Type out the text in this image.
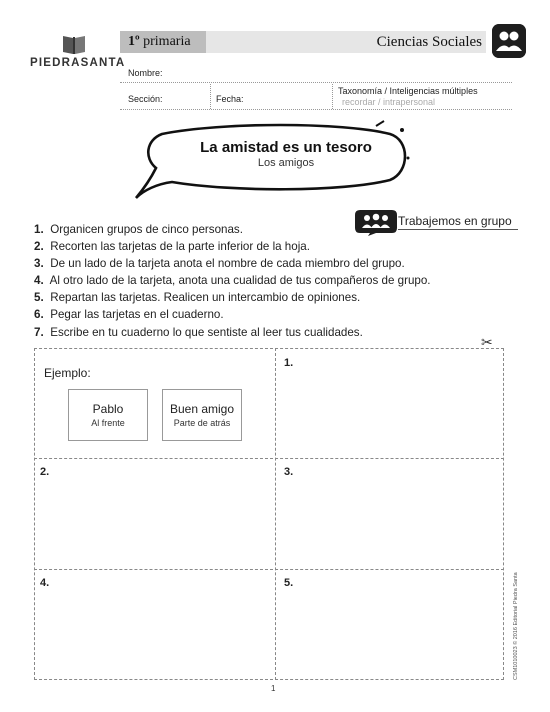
PIEDRASANTA
1º primaria	Ciencias Sociales
Nombre:
Sección:	Fecha:
Taxonomía / Inteligencias múltiples
recordar / intrapersonal
La amistad es un tesoro
Los amigos
Trabajemos en grupo
1. Organicen grupos de cinco personas.
2. Recorten las tarjetas de la parte inferior de la hoja.
3. De un lado de la tarjeta anota el nombre de cada miembro del grupo.
4. Al otro lado de la tarjeta, anota una cualidad de tus compañeros de grupo.
5. Repartan las tarjetas. Realicen un intercambio de opiniones.
6. Pegar las tarjetas en el cuaderno.
7. Escribe en tu cuaderno lo que sentiste al leer tus cualidades.
✂
Ejemplo:
Pablo
Al frente
Buen amigo
Parte de atrás
1.
2.	3.
4.	5.	CSM1010023 © 2016 Editorial Piedra Santa
1
